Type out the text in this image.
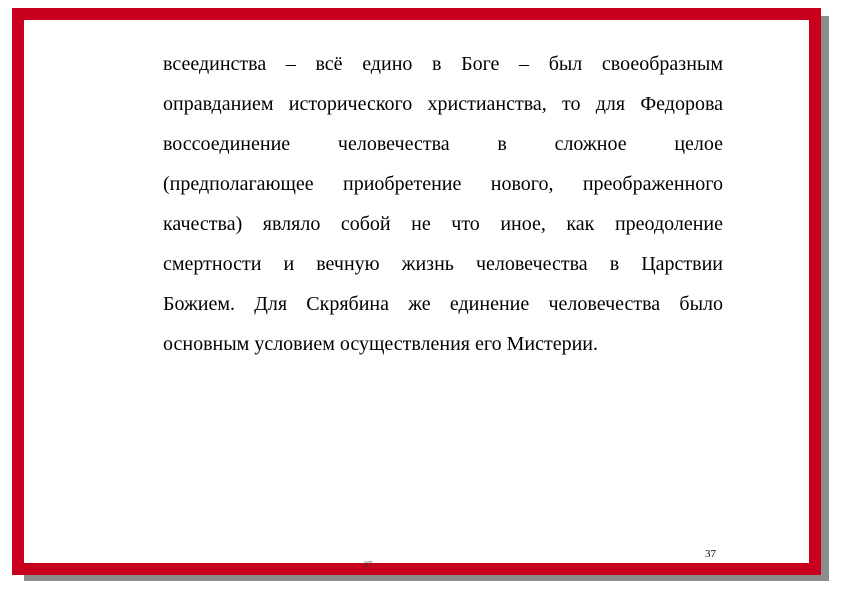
всеединства – всё едино в Боге – был своеобразным
оправданием исторического христианства, то для Федорова
воссоединение человечества в сложное целое
(предполагающее приобретение нового, преображенного
качества) являло собой не что иное, как преодоление
смертности и вечную жизнь человечества в Царствии
Божием. Для Скрябина же единение человечества было
основным условием осуществления его Мистерии.

37
37
